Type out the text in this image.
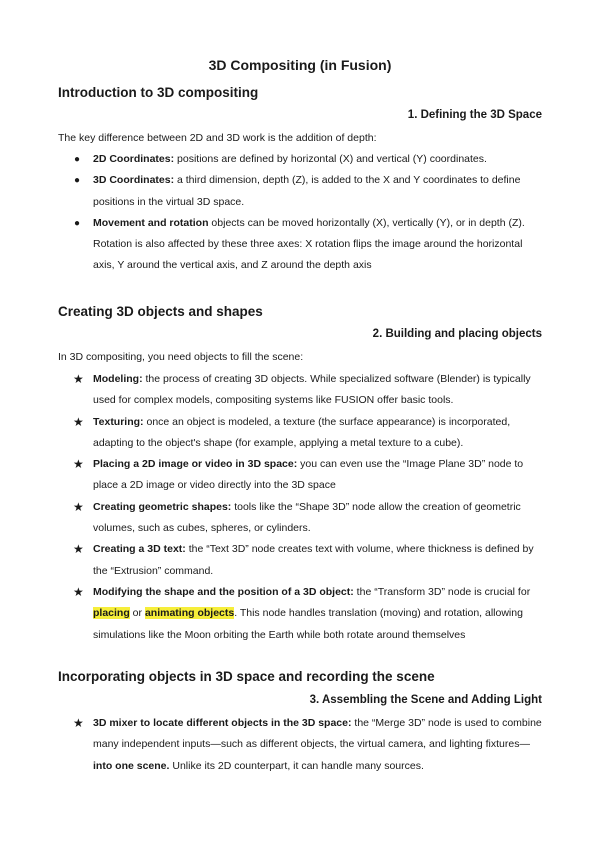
3D Compositing (in Fusion)
Introduction to 3D compositing
1. Defining the 3D Space
The key difference between 2D and 3D work is the addition of depth:
● 2D Coordinates: positions are defined by horizontal (X) and vertical (Y) coordinates.
● 3D Coordinates: a third dimension, depth (Z), is added to the X and Y coordinates to define positions in the virtual 3D space.
● Movement and rotation objects can be moved horizontally (X), vertically (Y), or in depth (Z). Rotation is also affected by these three axes: X rotation flips the image around the horizontal axis, Y around the vertical axis, and Z around the depth axis
Creating 3D objects and shapes
2. Building and placing objects
In 3D compositing, you need objects to fill the scene:
★ Modeling: the process of creating 3D objects. While specialized software (Blender) is typically used for complex models, compositing systems like FUSION offer basic tools.
★ Texturing: once an object is modeled, a texture (the surface appearance) is incorporated, adapting to the object's shape (for example, applying a metal texture to a cube).
★ Placing a 2D image or video in 3D space: you can even use the “Image Plane 3D” node to place a 2D image or video directly into the 3D space
★ Creating geometric shapes: tools like the “Shape 3D” node allow the creation of geometric volumes, such as cubes, spheres, or cylinders.
★ Creating a 3D text: the “Text 3D” node creates text with volume, where thickness is defined by the “Extrusion” command.
★ Modifying the shape and the position of a 3D object: the “Transform 3D” node is crucial for placing or animating objects. This node handles translation (moving) and rotation, allowing simulations like the Moon orbiting the Earth while both rotate around themselves
Incorporating objects in 3D space and recording the scene
3. Assembling the Scene and Adding Light
★ 3D mixer to locate different objects in the 3D space: the “Merge 3D” node is used to combine many independent inputs—such as different objects, the virtual camera, and lighting fixtures—into one scene. Unlike its 2D counterpart, it can handle many sources.
